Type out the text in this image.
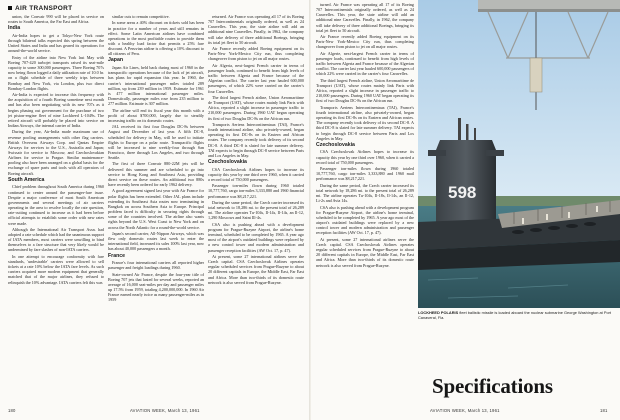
AIR TRANSPORT

union, the Convair 990 will be placed in service on routes to South America, the Far East and Africa.

India

Air-India hopes to get a Tokyo-New York route through bilateral talks expected this spring between the United States and India and has geared its operations for around-the-world service.

Entry of the airline into New York last May with Boeing 707-420 turbojet transports raised its seat-mile capacity to some 300,000 passengers. Three Boeing 707s now being flown logged a daily utilization rate of 10.0 hr. on a flight schedule of three weekly trips between Bombay and New York, via London, plus two direct Bombay-London flights.

Air-India is expected to increase this frequency with the acquisition of a fourth Boeing sometime next month and has also been negotiating with its new 707s as it begins phasing out government for the purchase of two jet piston-engine fleet of nine Lockheed L-1049s. The retired aircraft will probably be placed into service on Indian Airways, the internal carrier of India.

During the year, Air-India made maximum use of revenue pooling arrangements with other flag carriers. British Overseas Airways Corp. and Qantas Empire Airways for services to the U.S., Australia and Japan; Swissair for service to Moscow, and Czechoslovakian Airlines for service to Prague. Similar maintenance-pooling also have been arranged on a global basis for the exchange of spare parts and tools with all operators of Boeing aircraft.

South America

Chief problem throughout South America during 1960 continued to center around the passenger-fare issue. Despite a major conference of most South American governments and several meetings of air carriers operating in the area to resolve locally the rate question, rate-cutting continued to increase as it had been before official attempts to establish some order with new rates were made.

Although the International Air Transport Assn. had adopted a rate schedule which had the unanimous support of IATA members, most carriers were unwilling to bind themselves to a fare structure that very likely would be undermined by fare slashes of non-IATA carriers.

In one attempt to encourage conformity with fare standards, 'undesirable' carriers were allowed to sell tickets at a rate 10% below the IATA fare levels. As such carriers acquired more modern equipment that generally matched that of the major airlines, they refused to relinquish the 10% advantage. IATA carriers felt this was

similar cuts to remain competitive.

In some areas a 40% discount on tickets sold has been in practice for a number of years and still remains in effect. Some Latin American airlines have combined operations to the most profitable routes to provide them with a healthy load factor that permits a 25% fare discount. A Peruvian airline is offering a 10% discount to all citizens of Peru.

Japan

Japan Air Lines, held back during most of 1960 in the transpacific operations because of the lack of jet aircraft, has plans for rapid expansion this year. In 1960, the carrier's international passenger miles totaled 289 million, up from 239 million in 1959. Estimate for 1961 is 477 million international passenger miles. Domestically, passenger miles rose from 235 million to 277 million. Estimate is 307 million.

The airline will end its fiscal year this month with a profit of about $700,000, largely due to steadily increasing traffic on its domestic routes.

JAL received its first four Douglas DC-8s between August and December of last year. A fifth DC-8, scheduled for delivery in May, will be used to initiate flights to Europe on a polar route. Transpacific flights will be increased to nine weekly-four through San Francisco, three through Los Angeles, and two through Seattle.

The first of three Convair 880-22M jets will be delivered this summer and are scheduled to go into service to Hong Kong and Southeast Asia, providing direct service on these routes. An additional two 880s have recently been ordered for early 1962 delivery.

A good agreement signed last year with Air France for polar flights has been extended. Other JAL plans include extending its Southeast Asia routes now terminating in Bangkok on across Southern Asia to Europe. Principal problem faced is difficulty in securing rights through some of the countries involved. The airline also wants rights beyond the U.S. West Coast to New York and on across the North Atlantic for a round-the-world service.

Japan's second carrier, All-Nippon Airways, which was flew only domestic routes last week to enter the international field, increased its sales 100% last year, now has about 40,000 passengers a month.

France

France's four international carriers all reported higher passenger and freight loadings during 1960.

State-owned Air France, despite the four-year title of Boeing 707 jets that lasted for several weeks, reported an average of 16,000 seat-miles per day and passenger miles up 17.5% from 1959, totaling 4,200,000,000. In 1960 Air France earned nearly twice as many passenger-miles as in 1959

returned. Air France was operating all 17 of its Boeing 707 Intercontinentals originally ordered, as well as 24 Caravelles. This year, the state airline will add an additional nine Caravelles. Finally, in 1962, the company will take delivery of three additional Boeings, bringing its total jet fleet to 50 aircraft.

Air France recently added Boeing equipment on its Paris-New York-Mexico City run, thus completing changeover from piston to jet on all major routes.

Air Algeria, next-largest French carrier in terms of passenger loads, continued to benefit from high levels of traffic between Algeria and France because of the Algerian conflict. The carrier last year hauled 600,000 passengers, of which 22% were carried on the carrier's four Caravelles.

The third largest French airline, Union Aeromaritime de Transport (UAT), whose routes mainly link Paris with Africa, reported a slight increase in passenger traffic to 210,000 passengers. During 1960 UAT began operating its first of two Douglas DC-8s on the African run.

Transports Aeriens Intercontinentaux (TAI), France's fourth international airline, also privately-owned, began operating its first DC-8s on its Eastern and African routes. The company recently took delivery of its second DC-8. A third DC-8 is slated for late summer delivery. TAI expects to begin through DC-8 service between Paris and Los Angeles in May.

Czechoslovakia

CSA Czechoslovak Airlines hopes to increase its capacity this year by one third over 1960, when it carried a record total of 750,000 passengers.

Passenger ton-miles flown during 1960 totaled 10,777,760, cargo ton-miles 3,333,880 and 1960 financial performance was $8,217,221.

During the same period, the Czech carrier increased its total network to 18,286 mi. to the present total of 26,289 mi. The airline operates Tu-104s, Il-14s, Il-14s, an Il-12, 1,290 Moscows and Saint Ill-4s.

CSA also is pushing ahead with a development program for Prague-Ruzyne Airport, the airline's home terminal, scheduled to be completed by 1965. A year ago most of the airport's outdated buildings were replaced by a new control tower and modern administration and passenger reception facilities (AW Oct. 17, p. 47).

At present, some 27 international airlines serve the Czech capital. CSA Czechoslovak Airlines operates regular scheduled services from Prague-Ruzyne to about 20 different capitals in Europe, the Middle East, Far East and Africa. More than two-thirds of its domestic route network is also served from Prague-Ruzyne.

turned. Air France was operating all 17 of its Boeing 707 Intercontinentals originally ordered, as well as 24 Caravelles. This year, the state airline will add an additional nine Caravelles. Finally, in 1962, the company will take delivery of three additional Boeings, bringing its total jet fleet to 50 aircraft.

Air France recently added Boeing equipment on its Paris-New York-Mexico City run, thus completing changeover from piston to jet on all major routes.

Air Algerie, next-largest French carrier in terms of passenger loads, continued to benefit from high levels of traffic between Algeria and France because of the Algerian conflict. The carrier last year hauled 600,000 passengers of which 22% were carried in the carrier's four Caravelles.

The third largest French airline, Union Aeromaritime de Transport (UAT), whose routes mainly link Paris with Africa, reported a slight increase in passenger traffic to 210,000 passengers. During 1960 UAT began operating its first of two Douglas DC-8s on the African run.

Transports Aeriens Intercontinentaux (TAI), France's fourth international airline, also privately-owned, began operating its first DC-8s on its Eastern and African routes. The company recently took delivery of its second DC-8. A third DC-8 is slated for late summer delivery. TAI expects to begin through DC-8 service between Paris and Los Angeles in May.

Czechoslovakia

CSA Czechoslovak Airlines hopes to increase its capacity this year by one third over 1960, when it carried a record total of 750,000 passengers.

Passenger ton-miles flown during 1960 totaled 10,777,760, cargo ton-miles 3,333,880 and 1960 mail performance was $8,217,221.

During the same period, the Czech carrier increased its total network by 18,286 mi. to the present total of 26,289 mi. The airline operates Tu-104s, Il-18s, Il-14s, an Il-12, Li-2s and Avia 14s.

CSA also is pushing ahead with a development program for Prague-Ruzyne Airport, the airline's home terminal, scheduled to be completed by 1965. A year ago most of the airport's outdated buildings were replaced by a new control tower and modern administration and passenger reception facilities (AW Oct. 17, p. 47).

At present, some 27 international airlines serve the Czech capital. CSA Czechoslovak Airlines operates regular scheduled services from Prague-Ruzyne to about 20 different capitals in Europe, the Middle East, Far East and Africa. More than two-thirds of its domestic route network is also served from Prague-Ruzyne.

598
LOCKHEED POLARIS fleet ballistic missile is loaded aboard the nuclear submarine George Washington at Port Canaveral, Fla.
Specifications
180	AVIATION WEEK, March 13, 1961	AVIATION WEEK, March 13, 1961	181
